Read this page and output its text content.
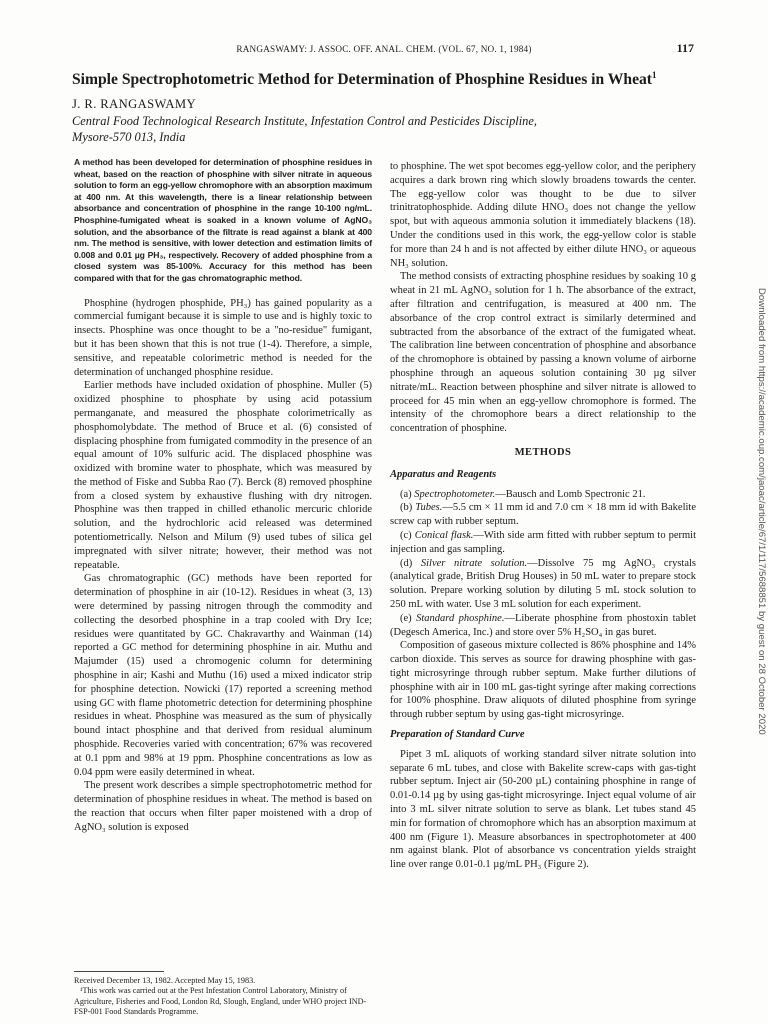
RANGASWAMY: J. ASSOC. OFF. ANAL. CHEM. (VOL. 67, NO. 1, 1984)	117
Simple Spectrophotometric Method for Determination of Phosphine Residues in Wheat$^1$
J. R. RANGASWAMY
Central Food Technological Research Institute, Infestation Control and Pesticides Discipline,
Mysore-570 013, India
A method has been developed for determination of phosphine residues in wheat, based on the reaction of phosphine with silver nitrate in aqueous solution to form an egg-yellow chromophore with an absorption maximum at 400 nm. At this wavelength, there is a linear relationship between absorbance and concentration of phosphine in the range 10-100 ng/mL. Phosphine-fumigated wheat is soaked in a known volume of AgNO₃ solution, and the absorbance of the filtrate is read against a blank at 400 nm. The method is sensitive, with lower detection and estimation limits of 0.008 and 0.01 µg PH₃, respectively. Recovery of added phosphine from a closed system was 85-100%. Accuracy for this method has been compared with that for the gas chromatographic method.

Phosphine (hydrogen phosphide, PH₃) has gained popularity as a commercial fumigant because it is simple to use and is highly toxic to insects. Phosphine was once thought to be a "no-residue" fumigant, but it has been shown that this is not true (1-4). Therefore, a simple, sensitive, and repeatable colorimetric method is needed for the determination of unchanged phosphine residue.

Earlier methods have included oxidation of phosphine. Muller (5) oxidized phosphine to phosphate by using acid potassium permanganate, and measured the phosphate colorimetrically as phosphomolybdate. The method of Bruce et al. (6) consisted of displacing phosphine from fumigated commodity in the presence of an equal amount of 10% sulfuric acid. The displaced phosphine was oxidized with bromine water to phosphate, which was measured by the method of Fiske and Subba Rao (7). Berck (8) removed phosphine from a closed system by exhaustive flushing with dry nitrogen. Phosphine was then trapped in chilled ethanolic mercuric chloride solution, and the hydrochloric acid released was determined potentiometrically. Nelson and Milum (9) used tubes of silica gel impregnated with silver nitrate; however, their method was not repeatable.

Gas chromatographic (GC) methods have been reported for determination of phosphine in air (10-12). Residues in wheat (3, 13) were determined by passing nitrogen through the commodity and collecting the desorbed phosphine in a trap cooled with Dry Ice; residues were quantitated by GC. Chakravarthy and Wainman (14) reported a GC method for determining phosphine in air. Muthu and Majumder (15) used a chromogenic column for determining phosphine in air; Kashi and Muthu (16) used a mixed indicator strip for phosphine detection. Nowicki (17) reported a screening method using GC with flame photometric detection for determining phosphine residues in wheat. Phosphine was measured as the sum of physically bound intact phosphine and that derived from residual aluminum phosphide. Recoveries varied with concentration; 67% was recovered at 0.1 ppm and 98% at 19 ppm. Phosphine concentrations as low as 0.04 ppm were easily determined in wheat.

The present work describes a simple spectrophotometric method for determination of phosphine residues in wheat. The method is based on the reaction that occurs when filter paper moistened with a drop of AgNO₃ solution is exposed

to phosphine. The wet spot becomes egg-yellow color, and the periphery acquires a dark brown ring which slowly broadens towards the center. The egg-yellow color was thought to be due to silver trinitratophosphide. Adding dilute HNO₃ does not change the yellow spot, but with aqueous ammonia solution it immediately blackens (18). Under the conditions used in this work, the egg-yellow color is stable for more than 24 h and is not affected by either dilute HNO₃ or aqueous NH₃ solution.

The method consists of extracting phosphine residues by soaking 10 g wheat in 21 mL AgNO₃ solution for 1 h. The absorbance of the extract, after filtration and centrifugation, is measured at 400 nm. The absorbance of the crop control extract is similarly determined and subtracted from the absorbance of the extract of the fumigated wheat. The calibration line between concentration of phosphine and absorbance of the chromophore is obtained by passing a known volume of airborne phosphine through an aqueous solution containing 30 µg silver nitrate/mL. Reaction between phosphine and silver nitrate is allowed to proceed for 45 min when an egg-yellow chromophore is formed. The intensity of the chromophore bears a direct relationship to the concentration of phosphine.

METHODS
Apparatus and Reagents

(a) Spectrophotometer.—Bausch and Lomb Spectronic 21.

(b) Tubes.—5.5 cm × 11 mm id and 7.0 cm × 18 mm id with Bakelite screw cap with rubber septum.

(c) Conical flask.—With side arm fitted with rubber septum to permit injection and gas sampling.

(d) Silver nitrate solution.—Dissolve 75 mg AgNO₃ crystals (analytical grade, British Drug Houses) in 50 mL water to prepare stock solution. Prepare working solution by diluting 5 mL stock solution to 250 mL with water. Use 3 mL solution for each experiment.

(e) Standard phosphine.—Liberate phosphine from phostoxin tablet (Degesch America, Inc.) and store over 5% H₂SO₄ in gas buret.

Composition of gaseous mixture collected is 86% phosphine and 14% carbon dioxide. This serves as source for drawing phosphine with gas-tight microsyringe through rubber septum. Make further dilutions of phosphine with air in 100 mL gas-tight syringe after making corrections for 100% phosphine. Draw aliquots of diluted phosphine from syringe through rubber septum by using gas-tight microsyringe.

Preparation of Standard Curve

Pipet 3 mL aliquots of working standard silver nitrate solution into separate 6 mL tubes, and close with Bakelite screw-caps with gas-tight rubber septum. Inject air (50-200 µL) containing phosphine in range of 0.01-0.14 µg by using gas-tight microsyringe. Inject equal volume of air into 3 mL silver nitrate solution to serve as blank. Let tubes stand 45 min for formation of chromophore which has an absorption maximum at 400 nm (Figure 1). Measure absorbances in spectrophotometer at 400 nm against blank. Plot of absorbance vs concentration yields straight line over range 0.01-0.1 µg/mL PH₃ (Figure 2).

Received December 13, 1982. Accepted May 15, 1983.

¹This work was carried out at the Pest Infestation Control Laboratory, Ministry of Agriculture, Fisheries and Food, London Rd, Slough, England, under WHO project IND-FSP-001 Food Standards Programme.

Downloaded from https://academic.oup.com/jaoac/article/67/1/117/5688851 by guest on 28 October 2020
